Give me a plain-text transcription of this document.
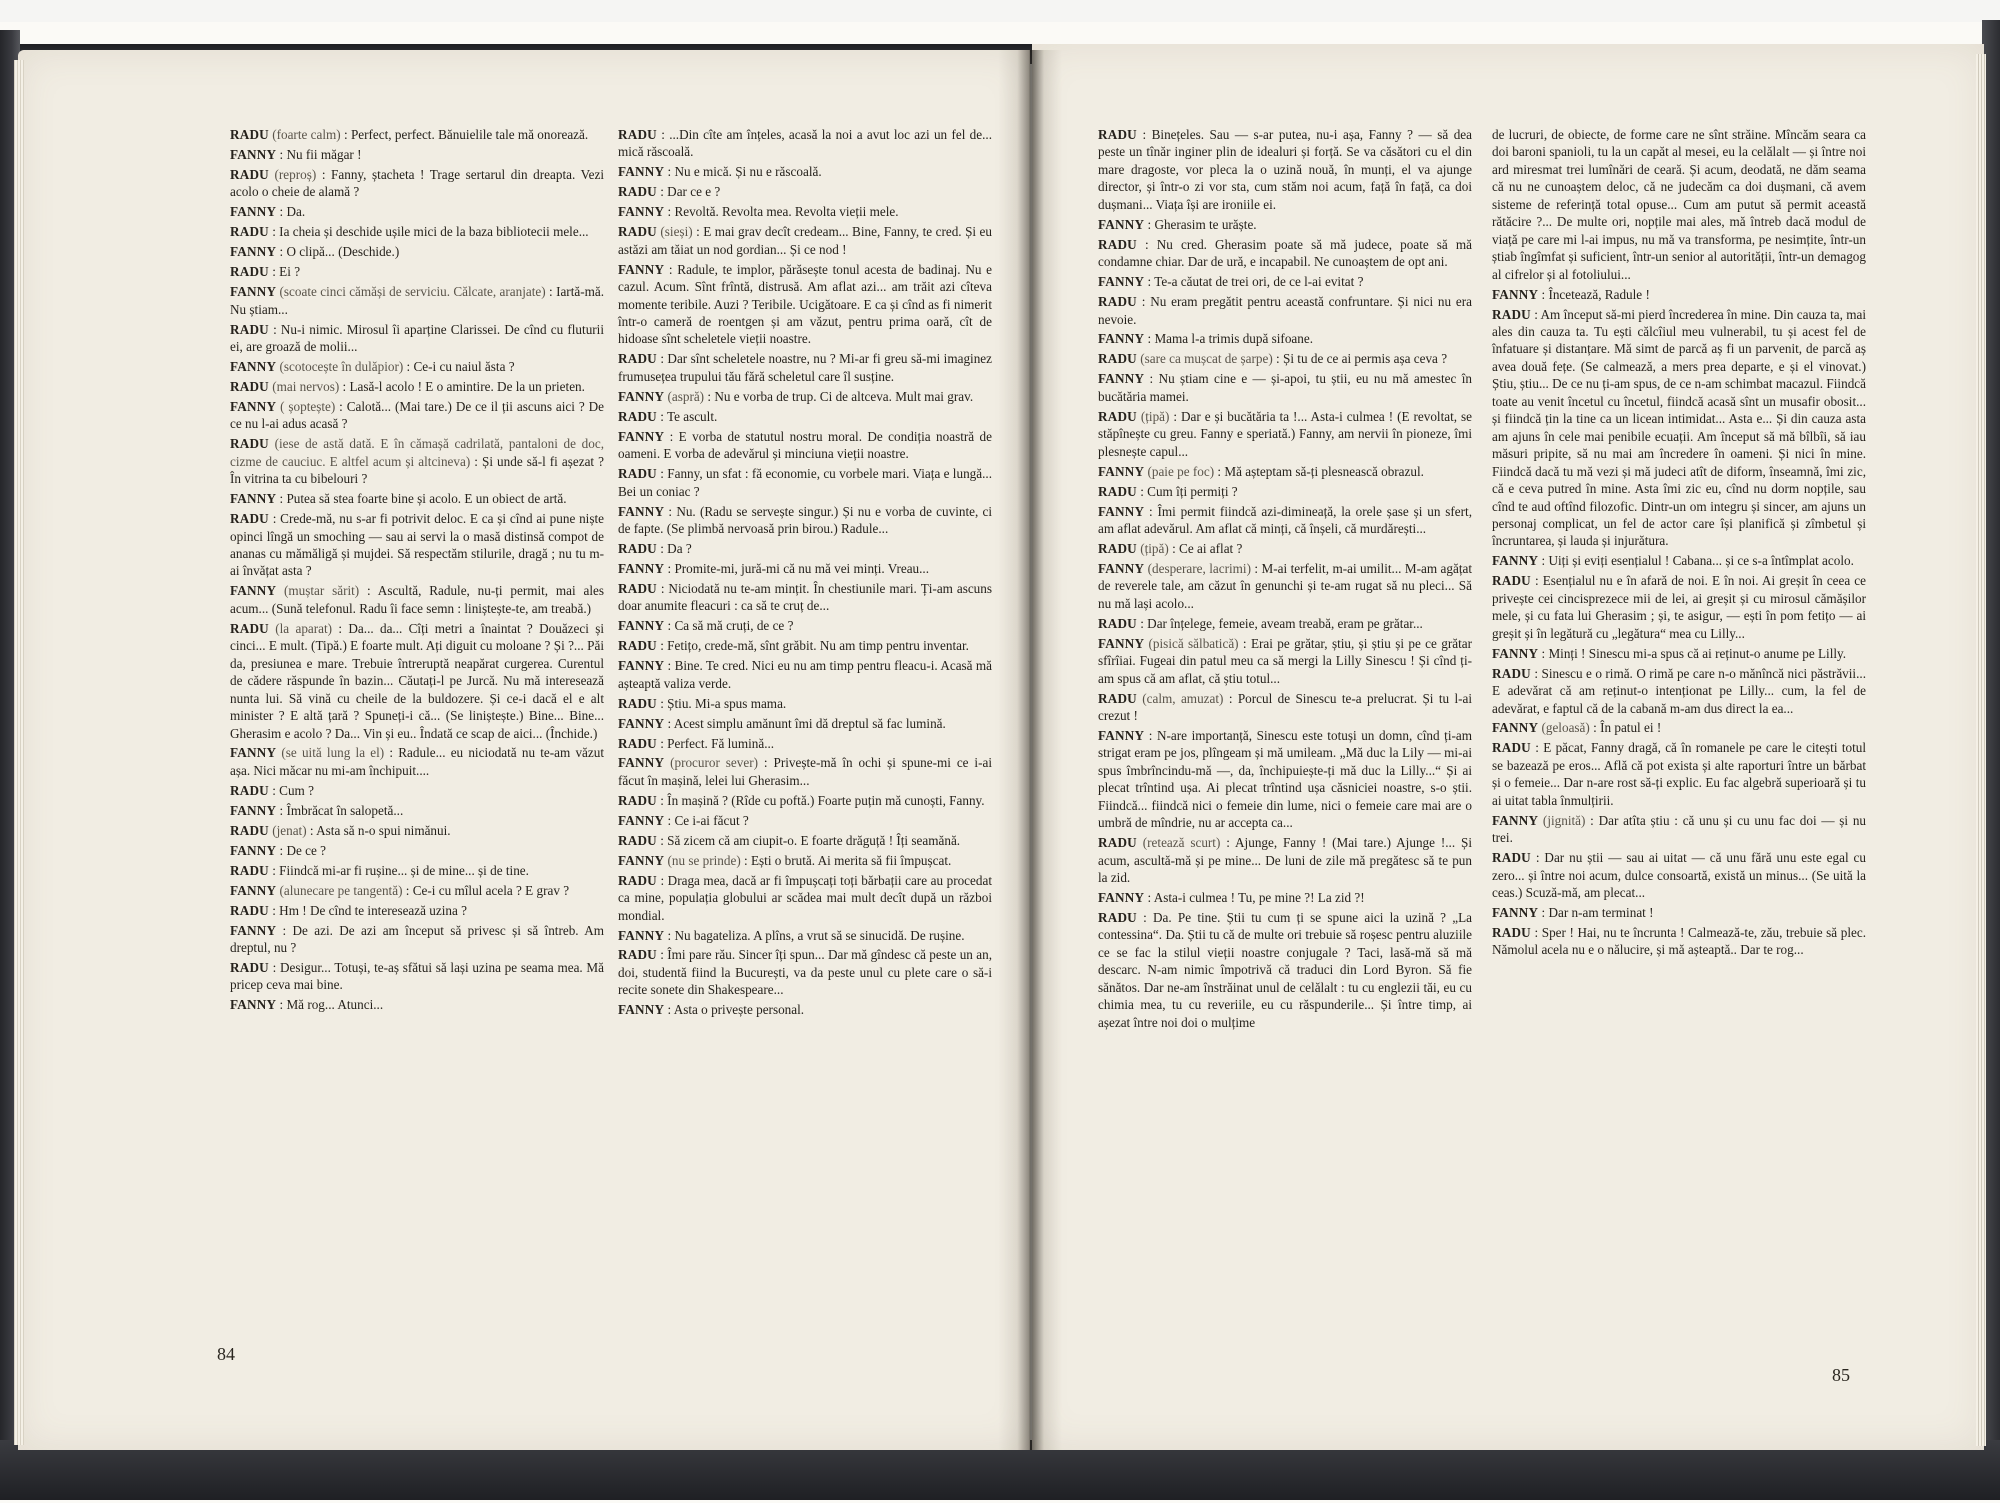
RADU (foarte calm) : Perfect, perfect. Bănuielile tale mă onorează.

FANNY : Nu fii măgar !

RADU (reproș) : Fanny, ștacheta ! Trage sertarul din dreapta. Vezi acolo o cheie de alamă ?

FANNY : Da.

RADU : Ia cheia și deschide ușile mici de la baza bibliotecii mele...

FANNY : O clipă... (Deschide.)

RADU : Ei ?

FANNY (scoate cinci cămăși de serviciu. Călcate, aranjate) : Iartă-mă. Nu știam...

RADU : Nu-i nimic. Mirosul îi aparține Clarissei. De cînd cu fluturii ei, are groază de molii...

FANNY (scotocește în dulăpior) : Ce-i cu naiul ăsta ?

RADU (mai nervos) : Lasă-l acolo ! E o amintire. De la un prieten.

FANNY ( șoptește) : Calotă... (Mai tare.) De ce il ții ascuns aici ? De ce nu l-ai adus acasă ?

RADU (iese de astă dată. E în cămașă cadrilată, pantaloni de doc, cizme de cauciuc. E altfel acum și altcineva) : Și unde să-l fi așezat ? În vitrina ta cu bibelouri ?

FANNY : Putea să stea foarte bine și acolo. E un obiect de artă.

RADU : Crede-mă, nu s-ar fi potrivit deloc. E ca și cînd ai pune niște opinci lîngă un smoching — sau ai servi la o masă distinsă compot de ananas cu mămăligă și mujdei. Să respectăm stilurile, dragă ; nu tu m-ai învățat asta ?

FANNY (muștar sărit) : Ascultă, Radule, nu-ți permit, mai ales acum... (Sună telefonul. Radu îi face semn : liniștește-te, am treabă.)

RADU (la aparat) : Da... da... Cîți metri a înaintat ? Douăzeci și cinci... E mult. (Tipă.) E foarte mult. Ați diguit cu moloane ? Și ?... Păi da, presiunea e mare. Trebuie întreruptă neapărat curgerea. Curentul de cădere răspunde în bazin... Căutați-l pe Jurcă. Nu mă interesează nunta lui. Să vină cu cheile de la buldozere. Și ce-i dacă el e alt minister ? E altă țară ? Spuneți-i că... (Se liniștește.) Bine... Bine... Gherasim e acolo ? Da... Vin și eu.. Îndată ce scap de aici... (Închide.)

FANNY (se uită lung la el) : Radule... eu niciodată nu te-am văzut așa. Nici măcar nu mi-am închipuit....

RADU : Cum ?

FANNY : Îmbrăcat în salopetă...

RADU (jenat) : Asta să n-o spui nimănui.

FANNY : De ce ?

RADU : Fiindcă mi-ar fi rușine... și de mine... și de tine.

FANNY (alunecare pe tangentă) : Ce-i cu mîlul acela ? E grav ?

RADU : Hm ! De cînd te interesează uzina ?

FANNY : De azi. De azi am început să privesc și să întreb. Am dreptul, nu ?

RADU : Desigur... Totuși, te-aș sfătui să lași uzina pe seama mea. Mă pricep ceva mai bine.

FANNY : Mă rog... Atunci...

RADU : ...Din cîte am înțeles, acasă la noi a avut loc azi un fel de... mică răscoală.

FANNY : Nu e mică. Și nu e răscoală.

RADU : Dar ce e ?

FANNY : Revoltă. Revolta mea. Revolta vieții mele.

RADU (sieși) : E mai grav decît credeam... Bine, Fanny, te cred. Și eu astăzi am tăiat un nod gordian... Și ce nod !

FANNY : Radule, te implor, părăsește tonul acesta de badinaj. Nu e cazul. Acum. Sînt frîntă, distrusă. Am aflat azi... am trăit azi cîteva momente teribile. Auzi ? Teribile. Ucigătoare. E ca și cînd as fi nimerit într-o cameră de roentgen și am văzut, pentru prima oară, cît de hidoase sînt scheletele vieții noastre.

RADU : Dar sînt scheletele noastre, nu ? Mi-ar fi greu să-mi imaginez frumusețea trupului tău fără scheletul care îl susține.

FANNY (aspră) : Nu e vorba de trup. Ci de altceva. Mult mai grav.

RADU : Te ascult.

FANNY : E vorba de statutul nostru moral. De condiția noastră de oameni. E vorba de adevărul și minciuna vieții noastre.

RADU : Fanny, un sfat : fă economie, cu vorbele mari. Viața e lungă... Bei un coniac ?

FANNY : Nu. (Radu se servește singur.) Și nu e vorba de cuvinte, ci de fapte. (Se plimbă nervoasă prin birou.) Radule...

RADU : Da ?

FANNY : Promite-mi, jură-mi că nu mă vei minți. Vreau...

RADU : Niciodată nu te-am mințit. În chestiunile mari. Ți-am ascuns doar anumite fleacuri : ca să te cruț de...

FANNY : Ca să mă cruți, de ce ?

RADU : Fetițo, crede-mă, sînt grăbit. Nu am timp pentru inventar.

FANNY : Bine. Te cred. Nici eu nu am timp pentru fleacu-i. Acasă mă așteaptă valiza verde.

RADU : Știu. Mi-a spus mama.

FANNY : Acest simplu amănunt îmi dă dreptul să fac lumină.

RADU : Perfect. Fă lumină...

FANNY (procuror sever) : Privește-mă în ochi și spune-mi ce i-ai făcut în mașină, lelei lui Gherasim...

RADU : În mașină ? (Rîde cu poftă.) Foarte puțin mă cunoști, Fanny.

FANNY : Ce i-ai făcut ?

RADU : Să zicem că am ciupit-o. E foarte drăguță ! Îți seamănă.

FANNY (nu se prinde) : Ești o brută. Ai merita să fii împușcat.

RADU : Draga mea, dacă ar fi împușcați toți bărbații care au procedat ca mine, populația globului ar scădea mai mult decît după un război mondial.

FANNY : Nu bagateliza. A plîns, a vrut să se sinucidă. De rușine.

RADU : Îmi pare rău. Sincer îți spun... Dar mă gîndesc că peste un an, doi, studentă fiind la București, va da peste unul cu plete care o să-i recite sonete din Shakespeare...

FANNY : Asta o privește personal.

RADU : Binețeles. Sau — s-ar putea, nu-i așa, Fanny ? — să dea peste un tînăr inginer plin de idealuri și forță. Se va căsători cu el din mare dragoste, vor pleca la o uzină nouă, în munți, el va ajunge director, și într-o zi vor sta, cum stăm noi acum, față în față, ca doi dușmani... Viața își are ironiile ei.

FANNY : Gherasim te urăște.

RADU : Nu cred. Gherasim poate să mă judece, poate să mă condamne chiar. Dar de ură, e incapabil. Ne cunoaștem de opt ani.

FANNY : Te-a căutat de trei ori, de ce l-ai evitat ?

RADU : Nu eram pregătit pentru această confruntare. Și nici nu era nevoie.

FANNY : Mama l-a trimis după sifoane.

RADU (sare ca mușcat de șarpe) : Și tu de ce ai permis așa ceva ?

FANNY : Nu știam cine e — și-apoi, tu știi, eu nu mă amestec în bucătăria mamei.

RADU (țipă) : Dar e și bucătăria ta !... Asta-i culmea ! (E revoltat, se stăpînește cu greu. Fanny e speriată.) Fanny, am nervii în pioneze, îmi plesnește capul...

FANNY (paie pe foc) : Mă așteptam să-ți plesnească obrazul.

RADU : Cum îți permiți ?

FANNY : Îmi permit fiindcă azi-dimineață, la orele șase și un sfert, am aflat adevărul. Am aflat că minți, că înșeli, că murdărești...

RADU (țipă) : Ce ai aflat ?

FANNY (desperare, lacrimi) : M-ai terfelit, m-ai umilit... M-am agățat de reverele tale, am căzut în genunchi și te-am rugat să nu pleci... Să nu mă lași acolo...

RADU : Dar înțelege, femeie, aveam treabă, eram pe grătar...

FANNY (pisică sălbatică) : Erai pe grătar, știu, și știu și pe ce grătar sfîrîiai. Fugeai din patul meu ca să mergi la Lilly Sinescu ! Și cînd ți-am spus că am aflat, că știu totul...

RADU (calm, amuzat) : Porcul de Sinescu te-a prelucrat. Și tu l-ai crezut !

FANNY : N-are importanță, Sinescu este totuși un domn, cînd ți-am strigat eram pe jos, plîngeam și mă umileam. „Mă duc la Lily — mi-ai spus îmbrîncindu-mă —, da, închipuiește-ți mă duc la Lilly...“ Și ai plecat trîntind ușa. Ai plecat trîntind ușa căsniciei noastre, s-o știi. Fiindcă... fiindcă nici o femeie din lume, nici o femeie care mai are o umbră de mîndrie, nu ar accepta ca...

RADU (retează scurt) : Ajunge, Fanny ! (Mai tare.) Ajunge !... Și acum, ascultă-mă și pe mine... De luni de zile mă pregătesc să te pun la zid.

FANNY : Asta-i culmea ! Tu, pe mine ?! La zid ?!

RADU : Da. Pe tine. Știi tu cum ți se spune aici la uzină ? „La contessina“. Da. Știi tu că de multe ori trebuie să roșesc pentru aluziile ce se fac la stilul vieții noastre conjugale ? Taci, lasă-mă să mă descarc. N-am nimic împotrivă că traduci din Lord Byron. Să fie sănătos. Dar ne-am înstrăinat unul de celălalt : tu cu englezii tăi, eu cu chimia mea, tu cu reveriile, eu cu răspunderile... Și între timp, ai așezat între noi doi o mulțime

de lucruri, de obiecte, de forme care ne sînt străine. Mîncăm seara ca doi baroni spanioli, tu la un capăt al mesei, eu la celălalt — și între noi ard miresmat trei lumînări de ceară. Și acum, deodată, ne dăm seama că nu ne cunoaștem deloc, că ne judecăm ca doi dușmani, că avem sisteme de referință total opuse... Cum am putut să permit această rătăcire ?... De multe ori, nopțile mai ales, mă întreb dacă modul de viață pe care mi l-ai impus, nu mă va transforma, pe nesimțite, într-un știab îngîmfat și suficient, într-un senior al autorității, într-un demagog al cifrelor și al fotoliului...

FANNY : Încetează, Radule !

RADU : Am început să-mi pierd încrederea în mine. Din cauza ta, mai ales din cauza ta. Tu ești călcîiul meu vulnerabil, tu și acest fel de înfatuare și distanțare. Mă simt de parcă aș fi un parvenit, de parcă aș avea două fețe. (Se calmează, a mers prea departe, e și el vinovat.) Știu, știu... De ce nu ți-am spus, de ce n-am schimbat macazul. Fiindcă toate au venit încetul cu încetul, fiindcă acasă sînt un musafir obosit... și fiindcă țin la tine ca un licean intimidat... Asta e... Și din cauza asta am ajuns în cele mai penibile ecuații. Am început să mă bîlbîi, să iau măsuri pripite, să nu mai am încredere în oameni. Și nici în mine. Fiindcă dacă tu mă vezi și mă judeci atît de diform, înseamnă, îmi zic, că e ceva putred în mine. Asta îmi zic eu, cînd nu dorm nopțile, sau cînd te aud oftînd filozofic. Dintr-un om integru și sincer, am ajuns un personaj complicat, un fel de actor care își planifică și zîmbetul și încruntarea, și lauda și injurătura.

FANNY : Uiți și eviți esențialul ! Cabana... și ce s-a întîmplat acolo.

RADU : Esențialul nu e în afară de noi. E în noi. Ai greșit în ceea ce privește cei cincisprezece mii de lei, ai greșit și cu mirosul cămășilor mele, și cu fata lui Gherasim ; și, te asigur, — ești în pom fetițo — ai greșit și în legătură cu „legătura“ mea cu Lilly...

FANNY : Minți ! Sinescu mi-a spus că ai reținut-o anume pe Lilly.

RADU : Sinescu e o rimă. O rimă pe care n-o mănîncă nici păstrăvii... E adevărat că am reținut-o intenționat pe Lilly... cum, la fel de adevărat, e faptul că de la cabană m-am dus direct la ea...

FANNY (geloasă) : În patul ei !

RADU : E păcat, Fanny dragă, că în romanele pe care le citești totul se bazează pe eros... Află că pot exista și alte raporturi între un bărbat și o femeie... Dar n-are rost să-ți explic. Eu fac algebră superioară și tu ai uitat tabla înmulțirii.

FANNY (jignită) : Dar atîta știu : că unu și cu unu fac doi — și nu trei.

RADU : Dar nu știi — sau ai uitat — că unu fără unu este egal cu zero... și între noi acum, dulce consoartă, există un minus... (Se uită la ceas.) Scuză-mă, am plecat...

FANNY : Dar n-am terminat !

RADU : Sper ! Hai, nu te încrunta ! Calmează-te, zău, trebuie să plec. Nămolul acela nu e o nălucire, și mă așteaptă.. Dar te rog...

84
85
